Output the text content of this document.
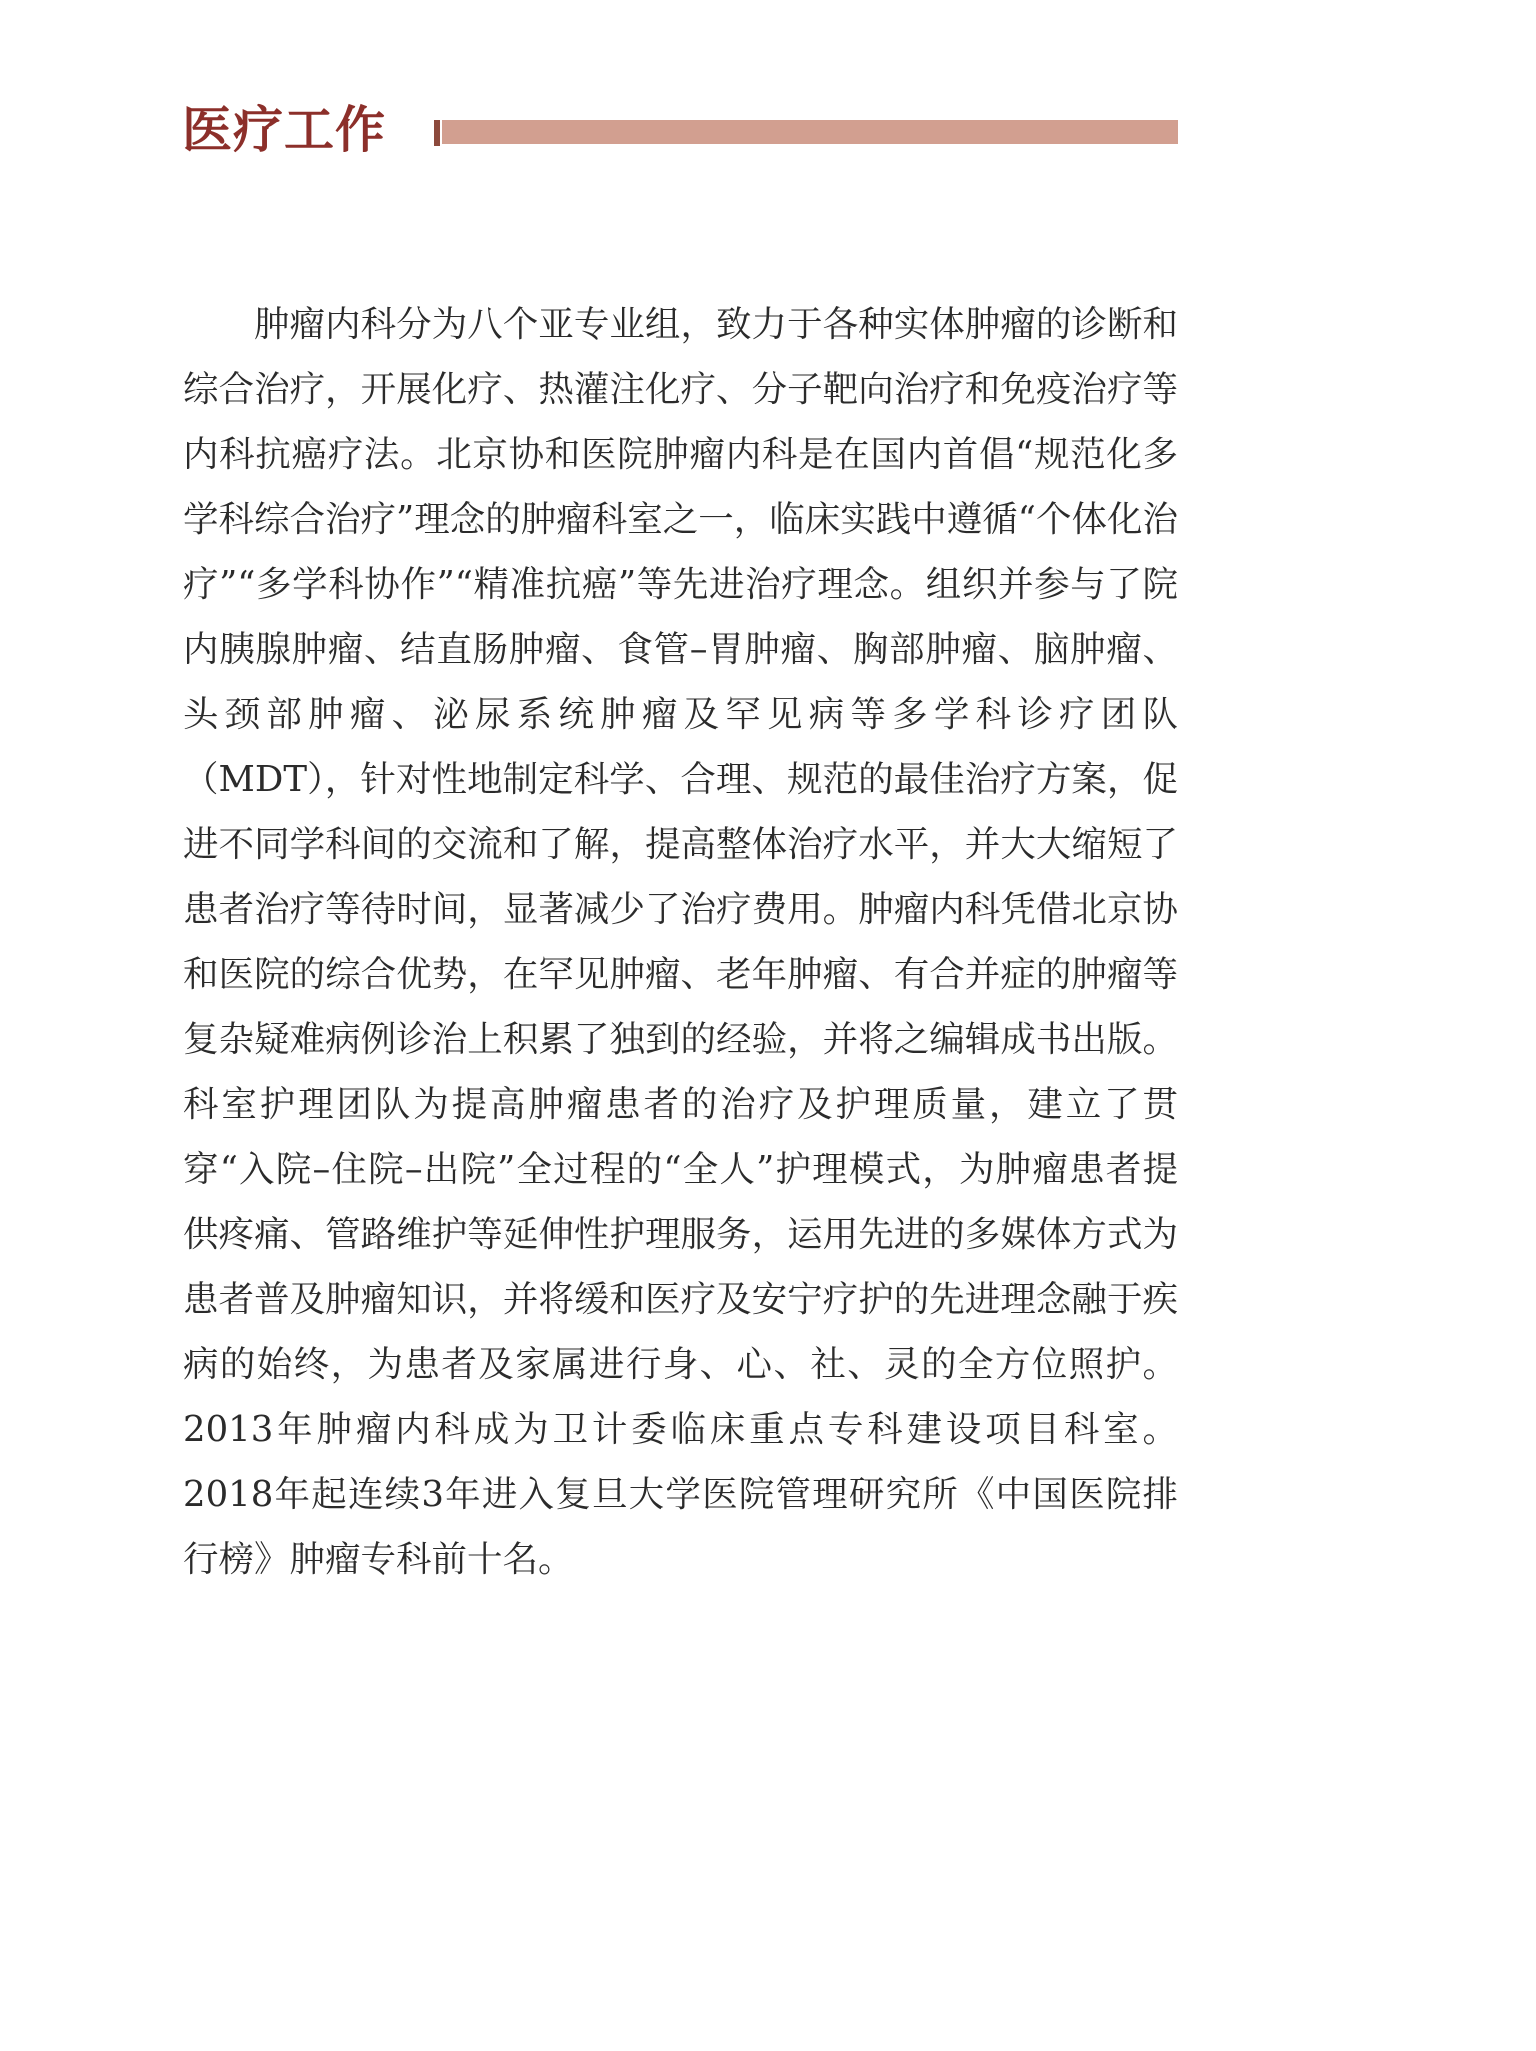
医疗工作

肿瘤内科分为八个亚专业组，致力于各种实体肿瘤的诊断和综合治疗，开展化疗、热灌注化疗、分子靶向治疗和免疫治疗等内科抗癌疗法。北京协和医院肿瘤内科是在国内首倡“规范化多学科综合治疗”理念的肿瘤科室之一，临床实践中遵循“个体化治疗”“多学科协作”“精准抗癌”等先进治疗理念。组织并参与了院内胰腺肿瘤、结直肠肿瘤、食管–胃肿瘤、胸部肿瘤、脑肿瘤、头颈部肿瘤、泌尿系统肿瘤及罕见病等多学科诊疗团队（MDT），针对性地制定科学、合理、规范的最佳治疗方案，促进不同学科间的交流和了解，提高整体治疗水平，并大大缩短了患者治疗等待时间，显著减少了治疗费用。肿瘤内科凭借北京协和医院的综合优势，在罕见肿瘤、老年肿瘤、有合并症的肿瘤等复杂疑难病例诊治上积累了独到的经验，并将之编辑成书出版。科室护理团队为提高肿瘤患者的治疗及护理质量，建立了贯穿“入院–住院–出院”全过程的“全人”护理模式，为肿瘤患者提供疼痛、管路维护等延伸性护理服务，运用先进的多媒体方式为患者普及肿瘤知识，并将缓和医疗及安宁疗护的先进理念融于疾病的始终，为患者及家属进行身、心、社、灵的全方位照护。2013年肿瘤内科成为卫计委临床重点专科建设项目科室。2018年起连续3年进入复旦大学医院管理研究所《中国医院排行榜》肿瘤专科前十名。
